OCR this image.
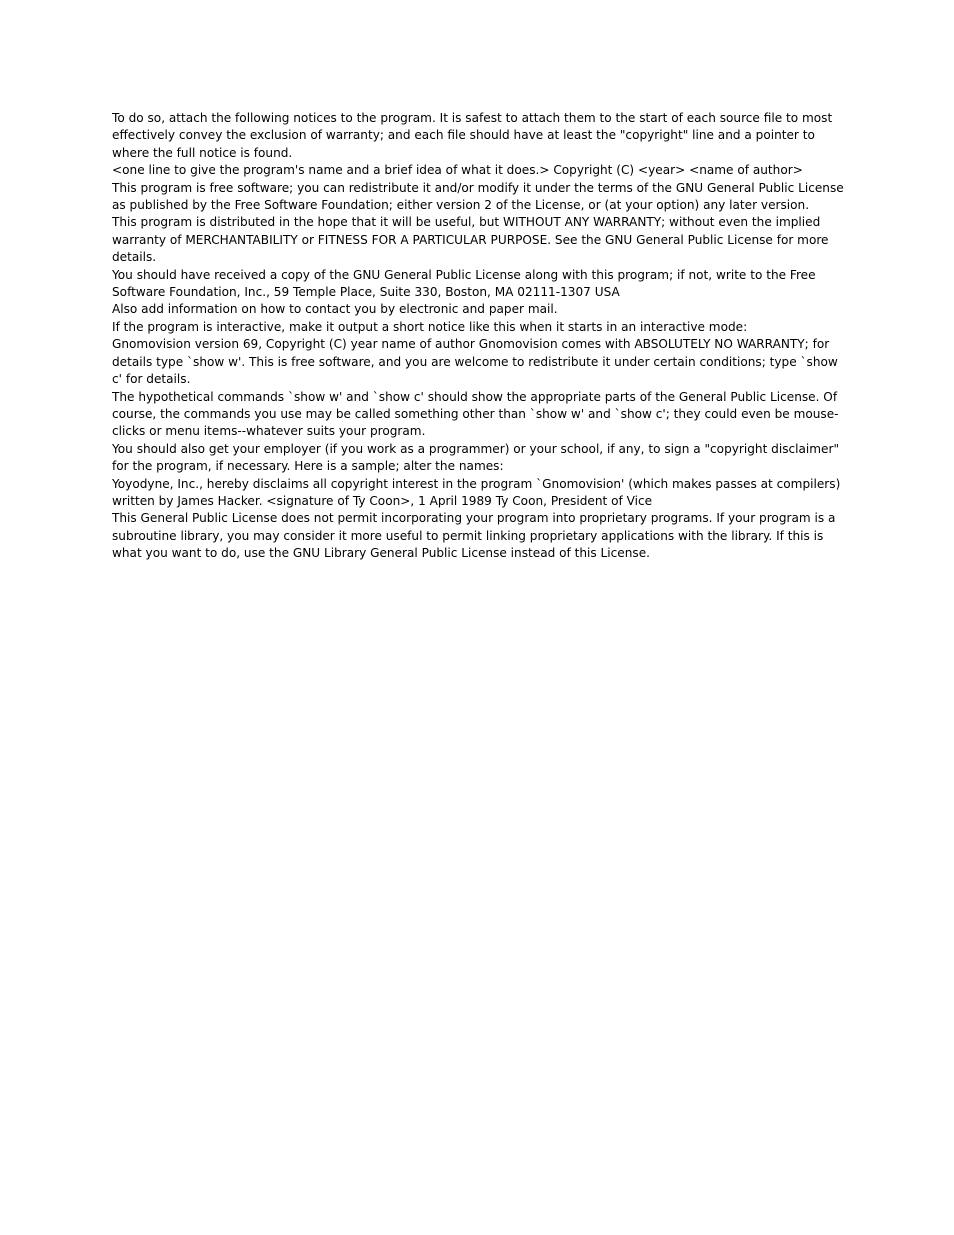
To do so, attach the following notices to the program. It is safest to attach them to the start of each source file to most effectively convey the exclusion of warranty; and each file should have at least the "copyright" line and a pointer to where the full notice is found.

<one line to give the program's name and a brief idea of what it does.> Copyright (C) <year> <name of author>

This program is free software; you can redistribute it and/or modify it under the terms of the GNU General Public License as published by the Free Software Foundation; either version 2 of the License, or (at your option) any later version.

This program is distributed in the hope that it will be useful, but WITHOUT ANY WARRANTY; without even the implied warranty of MERCHANTABILITY or FITNESS FOR A PARTICULAR PURPOSE. See the GNU General Public License for more details.

You should have received a copy of the GNU General Public License along with this program; if not, write to the Free Software Foundation, Inc., 59 Temple Place, Suite 330, Boston, MA 02111-1307 USA

Also add information on how to contact you by electronic and paper mail.

If the program is interactive, make it output a short notice like this when it starts in an interactive mode:

Gnomovision version 69, Copyright (C) year name of author Gnomovision comes with ABSOLUTELY NO WARRANTY; for details type `show w'. This is free software, and you are welcome to redistribute it under certain conditions; type `show c' for details.

The hypothetical commands `show w' and `show c' should show the appropriate parts of the General Public License. Of course, the commands you use may be called something other than `show w' and `show c'; they could even be mouse-clicks or menu items--whatever suits your program.

You should also get your employer (if you work as a programmer) or your school, if any, to sign a "copyright disclaimer" for the program, if necessary. Here is a sample; alter the names:

Yoyodyne, Inc., hereby disclaims all copyright interest in the program `Gnomovision' (which makes passes at compilers) written by James Hacker. <signature of Ty Coon>, 1 April 1989 Ty Coon, President of Vice

This General Public License does not permit incorporating your program into proprietary programs. If your program is a subroutine library, you may consider it more useful to permit linking proprietary applications with the library. If this is what you want to do, use the GNU Library General Public License instead of this License.
